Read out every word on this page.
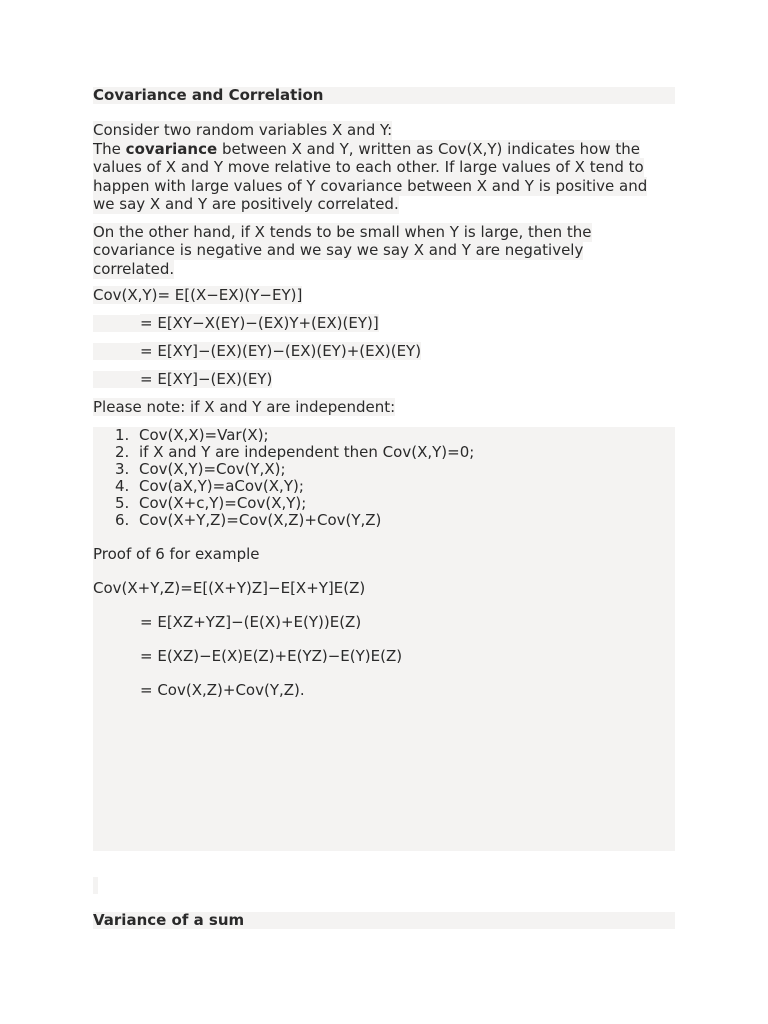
Covariance and Correlation
Consider two random variables X and Y:
The covariance between X and Y, written as Cov(X,Y) indicates how the
values of X and Y move relative to each other. If large values of X tend to
happen with large values of Y covariance between X and Y is positive and
we say X and Y are positively correlated.
On the other hand, if X tends to be small when Y is large, then the
covariance is negative and we say we say X and Y are negatively
correlated.
Cov(X,Y)= E[(X−EX)(Y−EY)]
= E[XY−X(EY)−(EX)Y+(EX)(EY)]
= E[XY]−(EX)(EY)−(EX)(EY)+(EX)(EY)
= E[XY]−(EX)(EY)
Please note: if X and Y are independent:
1. Cov(X,X)=Var(X);
2. if X and Y are independent then Cov(X,Y)=0;
3. Cov(X,Y)=Cov(Y,X);
4. Cov(aX,Y)=aCov(X,Y);
5. Cov(X+c,Y)=Cov(X,Y);
6. Cov(X+Y,Z)=Cov(X,Z)+Cov(Y,Z)
Proof of 6 for example
Cov(X+Y,Z)=E[(X+Y)Z]−E[X+Y]E(Z)
= E[XZ+YZ]−(E(X)+E(Y))E(Z)
= E(XZ)−E(X)E(Z)+E(YZ)−E(Y)E(Z)
= Cov(X,Z)+Cov(Y,Z).
Variance of a sum
